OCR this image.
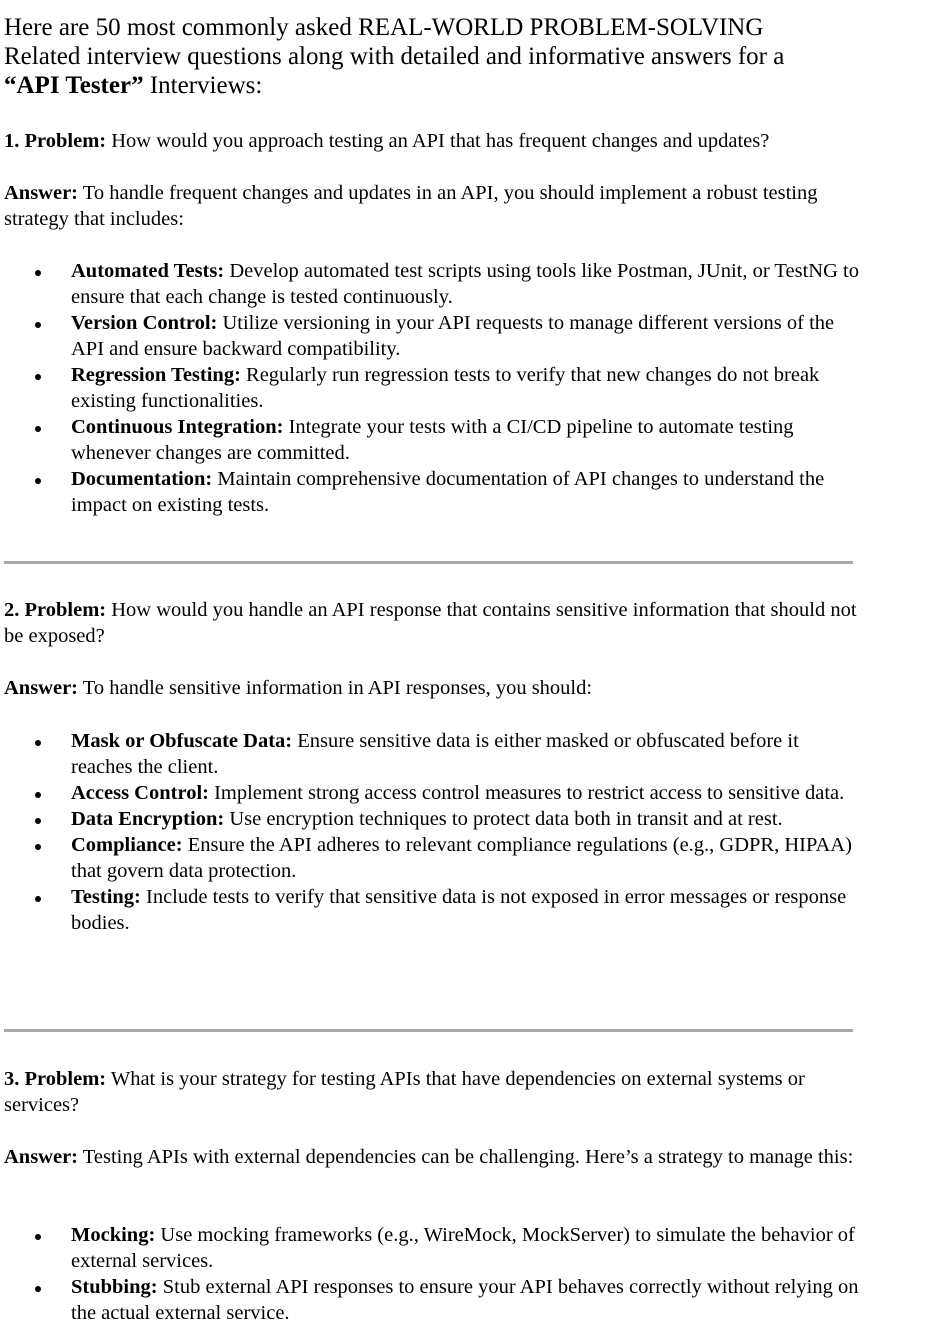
Here are 50 most commonly asked REAL-WORLD PROBLEM-SOLVING
Related interview questions along with detailed and informative answers for a
“API Tester” Interviews:

1. Problem: How would you approach testing an API that has frequent changes and updates?

Answer: To handle frequent changes and updates in an API, you should implement a robust testing strategy that includes:

Automated Tests: Develop automated test scripts using tools like Postman, JUnit, or TestNG to ensure that each change is tested continuously.
Version Control: Utilize versioning in your API requests to manage different versions of the API and ensure backward compatibility.
Regression Testing: Regularly run regression tests to verify that new changes do not break existing functionalities.
Continuous Integration: Integrate your tests with a CI/CD pipeline to automate testing whenever changes are committed.
Documentation: Maintain comprehensive documentation of API changes to understand the impact on existing tests.

2. Problem: How would you handle an API response that contains sensitive information that should not be exposed?

Answer: To handle sensitive information in API responses, you should:

Mask or Obfuscate Data: Ensure sensitive data is either masked or obfuscated before it reaches the client.
Access Control: Implement strong access control measures to restrict access to sensitive data.
Data Encryption: Use encryption techniques to protect data both in transit and at rest.
Compliance: Ensure the API adheres to relevant compliance regulations (e.g., GDPR, HIPAA) that govern data protection.
Testing: Include tests to verify that sensitive data is not exposed in error messages or response bodies.

3. Problem: What is your strategy for testing APIs that have dependencies on external systems or services?

Answer: Testing APIs with external dependencies can be challenging. Here’s a strategy to manage this:

Mocking: Use mocking frameworks (e.g., WireMock, MockServer) to simulate the behavior of external services.
Stubbing: Stub external API responses to ensure your API behaves correctly without relying on the actual external service.
